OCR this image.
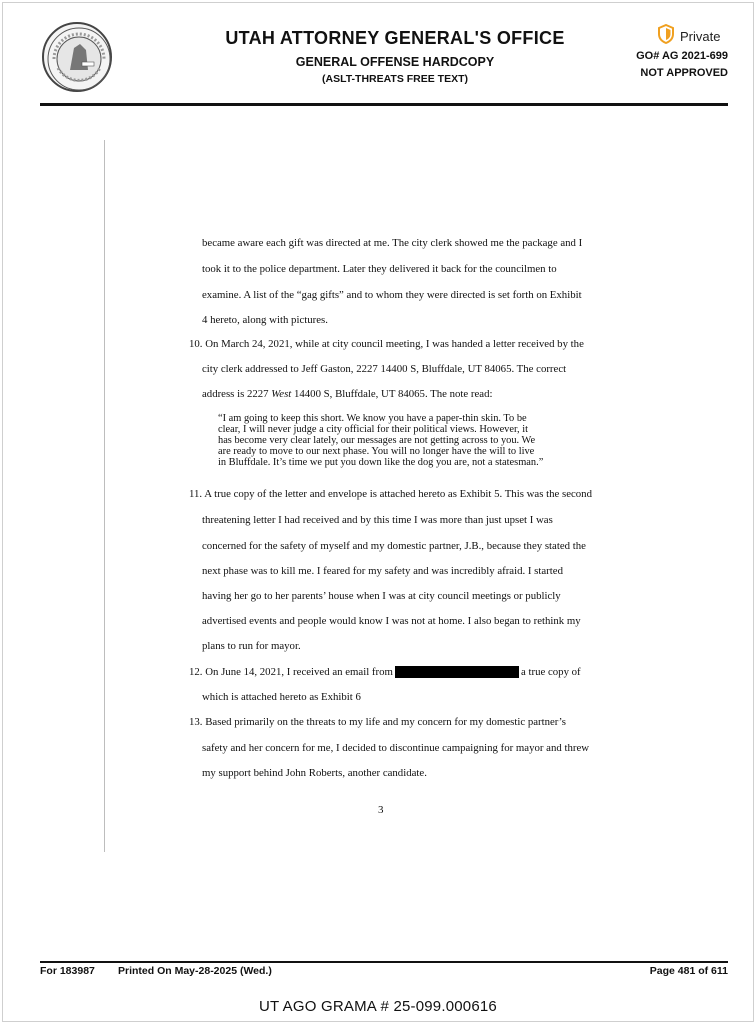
UTAH ATTORNEY GENERAL'S OFFICE
GENERAL OFFENSE HARDCOPY
(ASLT-THREATS FREE TEXT)
Private
GO# AG 2021-699
NOT APPROVED
became aware each gift was directed at me. The city clerk showed me the package and I
took it to the police department. Later they delivered it back for the councilmen to
examine. A list of the “gag gifts” and to whom they were directed is set forth on Exhibit
4 hereto, along with pictures.
10. On March 24, 2021, while at city council meeting, I was handed a letter received by the
city clerk addressed to Jeff Gaston, 2227 14400 S, Bluffdale, UT 84065. The correct
address is 2227 West 14400 S, Bluffdale, UT 84065. The note read:
“I am going to keep this short. We know you have a paper-thin skin. To be
clear, I will never judge a city official for their political views. However, it
has become very clear lately, our messages are not getting across to you. We
are ready to move to our next phase. You will no longer have the will to live
in Bluffdale. It’s time we put you down like the dog you are, not a statesman.”
11. A true copy of the letter and envelope is attached hereto as Exhibit 5. This was the second
threatening letter I had received and by this time I was more than just upset I was
concerned for the safety of myself and my domestic partner, J.B., because they stated the
next phase was to kill me. I feared for my safety and was incredibly afraid. I started
having her go to her parents’ house when I was at city council meetings or publicly
advertised events and people would know I was not at home. I also began to rethink my
plans to run for mayor.
12. On June 14, 2021, I received an email from	a true copy of
which is attached hereto as Exhibit 6
13. Based primarily on the threats to my life and my concern for my domestic partner’s
safety and her concern for me, I decided to discontinue campaigning for mayor and threw
my support behind John Roberts, another candidate.
3
For 183987 Printed On May-28-2025 (Wed.)	Page 481 of 611
UT AGO GRAMA # 25-099.000616
